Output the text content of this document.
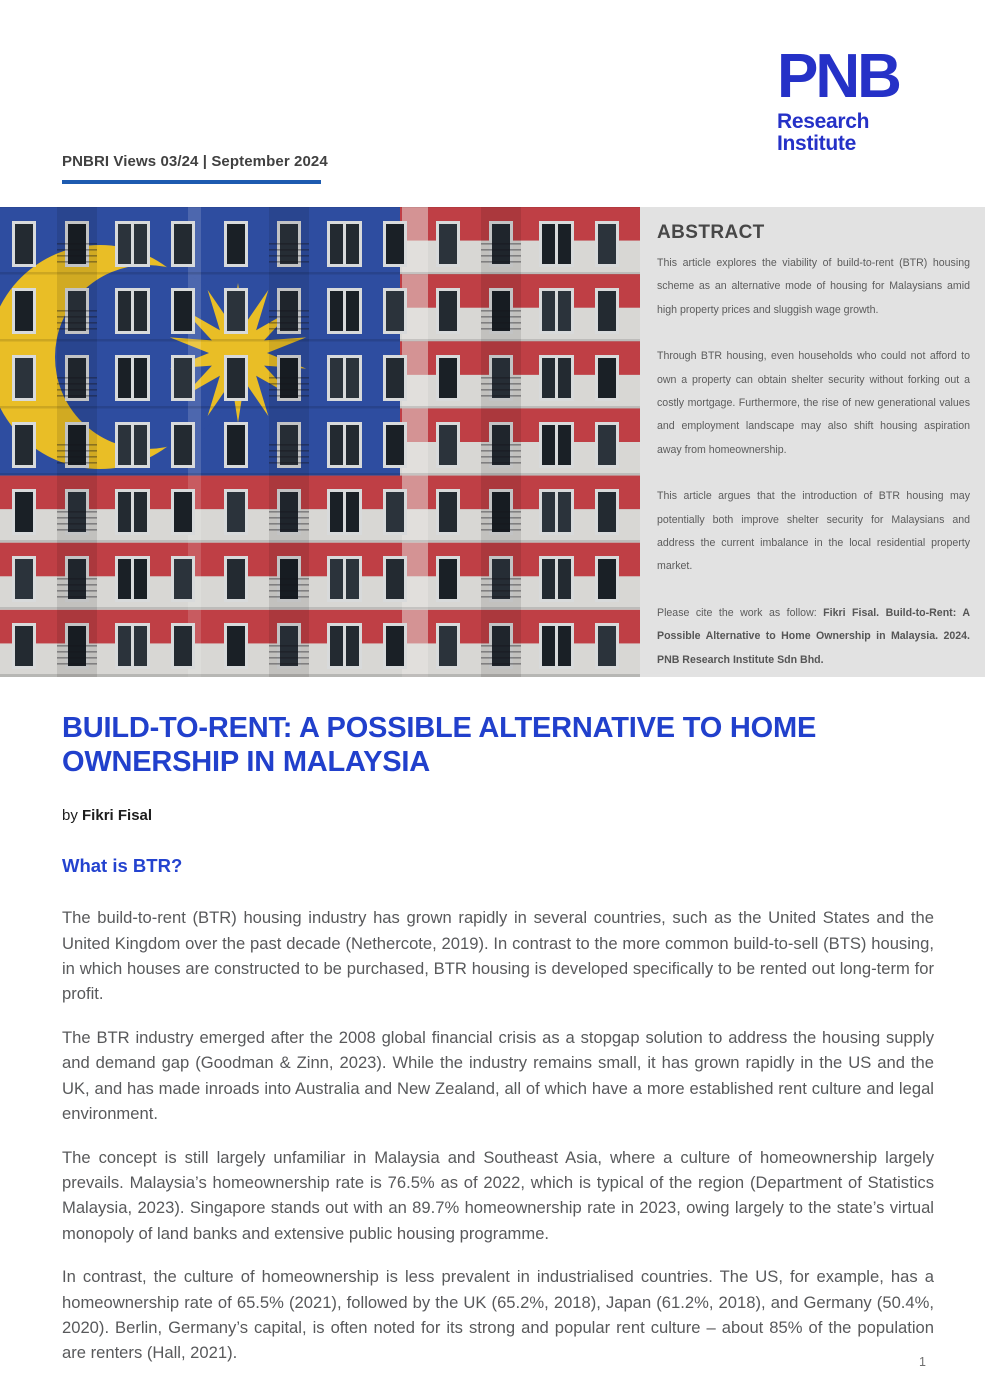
PNB
Research
Institute
PNBRI Views 03/24 | September 2024
ABSTRACT

This article explores the viability of build-to-rent (BTR) housing scheme as an alternative mode of housing for Malaysians amid high property prices and sluggish wage growth.

Through BTR housing, even households who could not afford to own a property can obtain shelter security without forking out a costly mortgage. Furthermore, the rise of new generational values and employment landscape may also shift housing aspiration away from homeownership.

This article argues that the introduction of BTR housing may potentially both improve shelter security for Malaysians and address the current imbalance in the local residential property market.

Please cite the work as follow: Fikri Fisal. Build-to-Rent: A Possible Alternative to Home Ownership in Malaysia. 2024. PNB Research Institute Sdn Bhd.

BUILD-TO-RENT: A POSSIBLE ALTERNATIVE TO HOME OWNERSHIP IN MALAYSIA
by Fikri Fisal
What is BTR?

The build-to-rent (BTR) housing industry has grown rapidly in several countries, such as the United States and the United Kingdom over the past decade (Nethercote, 2019). In contrast to the more common build-to-sell (BTS) housing, in which houses are constructed to be purchased, BTR housing is developed specifically to be rented out long-term for profit.

The BTR industry emerged after the 2008 global financial crisis as a stopgap solution to address the housing supply and demand gap (Goodman & Zinn, 2023). While the industry remains small, it has grown rapidly in the US and the UK, and has made inroads into Australia and New Zealand, all of which have a more established rent culture and legal environment.

The concept is still largely unfamiliar in Malaysia and Southeast Asia, where a culture of homeownership largely prevails. Malaysia’s homeownership rate is 76.5% as of 2022, which is typical of the region (Department of Statistics Malaysia, 2023). Singapore stands out with an 89.7% homeownership rate in 2023, owing largely to the state’s virtual monopoly of land banks and extensive public housing programme.

In contrast, the culture of homeownership is less prevalent in industrialised countries. The US, for example, has a homeownership rate of 65.5% (2021), followed by the UK (65.2%, 2018), Japan (61.2%, 2018), and Germany (50.4%, 2020). Berlin, Germany’s capital, is often noted for its strong and popular rent culture – about 85% of the population are renters (Hall, 2021).	1
